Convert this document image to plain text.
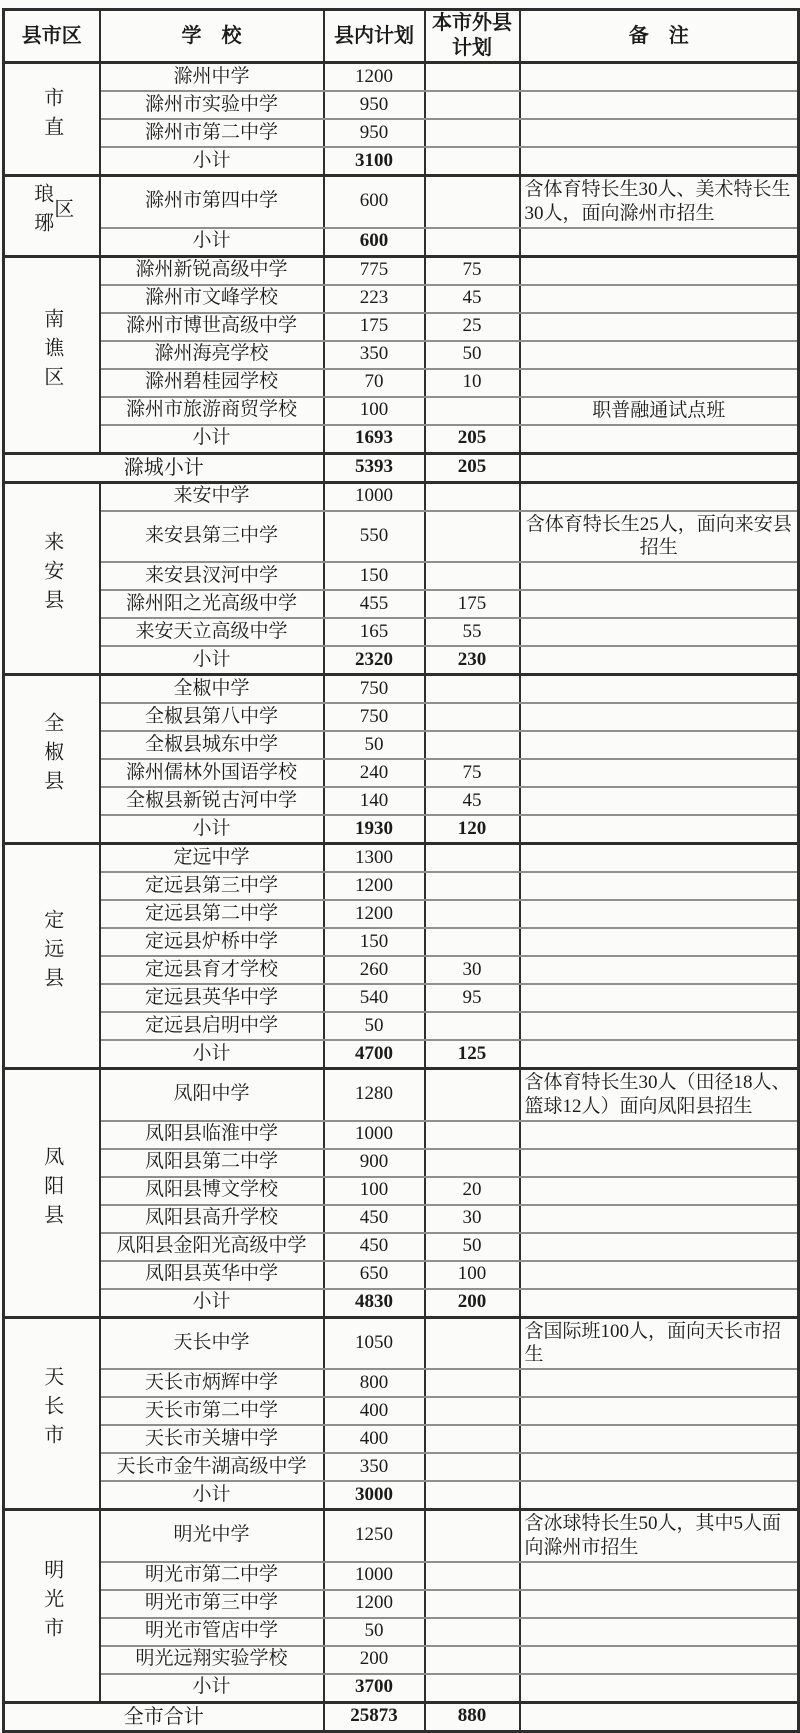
县市区	学　校	县内计划	本市外县计划	备　注
市直	滁州中学	1200		
	滁州市实验中学	950		
	滁州市第二中学	950		
	小计	3100		
琅琊区	滁州市第四中学	600		含体育特长生30人、美术特长生30人，面向滁州市招生
	小计	600		
南谯区	滁州新锐高级中学	775	75	
	滁州市文峰学校	223	45	
	滁州市博世高级中学	175	25	
	滁州海亮学校	350	50	
	滁州碧桂园学校	70	10	
	滁州市旅游商贸学校	100		职普融通试点班
	小计	1693	205	
滁城小计		5393	205	
来安县	来安中学	1000		
	来安县第三中学	550		含体育特长生25人，面向来安县招生
	来安县汊河中学	150		
	滁州阳之光高级中学	455	175	
	来安天立高级中学	165	55	
	小计	2320	230	
全椒县	全椒中学	750		
	全椒县第八中学	750		
	全椒县城东中学	50		
	滁州儒林外国语学校	240	75	
	全椒县新锐古河中学	140	45	
	小计	1930	120	
定远县	定远中学	1300		
	定远县第三中学	1200		
	定远县第二中学	1200		
	定远县炉桥中学	150		
	定远县育才学校	260	30	
	定远县英华中学	540	95	
	定远县启明中学	50		
	小计	4700	125	
凤阳县	凤阳中学	1280		含体育特长生30人（田径18人、篮球12人）面向凤阳县招生
	凤阳县临淮中学	1000		
	凤阳县第二中学	900		
	凤阳县博文学校	100	20	
	凤阳县高升学校	450	30	
	凤阳县金阳光高级中学	450	50	
	凤阳县英华中学	650	100	
	小计	4830	200	
天长市	天长中学	1050		含国际班100人，面向天长市招生
	天长市炳辉中学	800		
	天长市第二中学	400		
	天长市关塘中学	400		
	天长市金牛湖高级中学	350		
	小计	3000		
明光市	明光中学	1250		含冰球特长生50人，其中5人面向滁州市招生
	明光市第二中学	1000		
	明光市第三中学	1200		
	明光市管店中学	50		
	明光远翔实验学校	200		
	小计	3700		
全市合计		25873	880	
